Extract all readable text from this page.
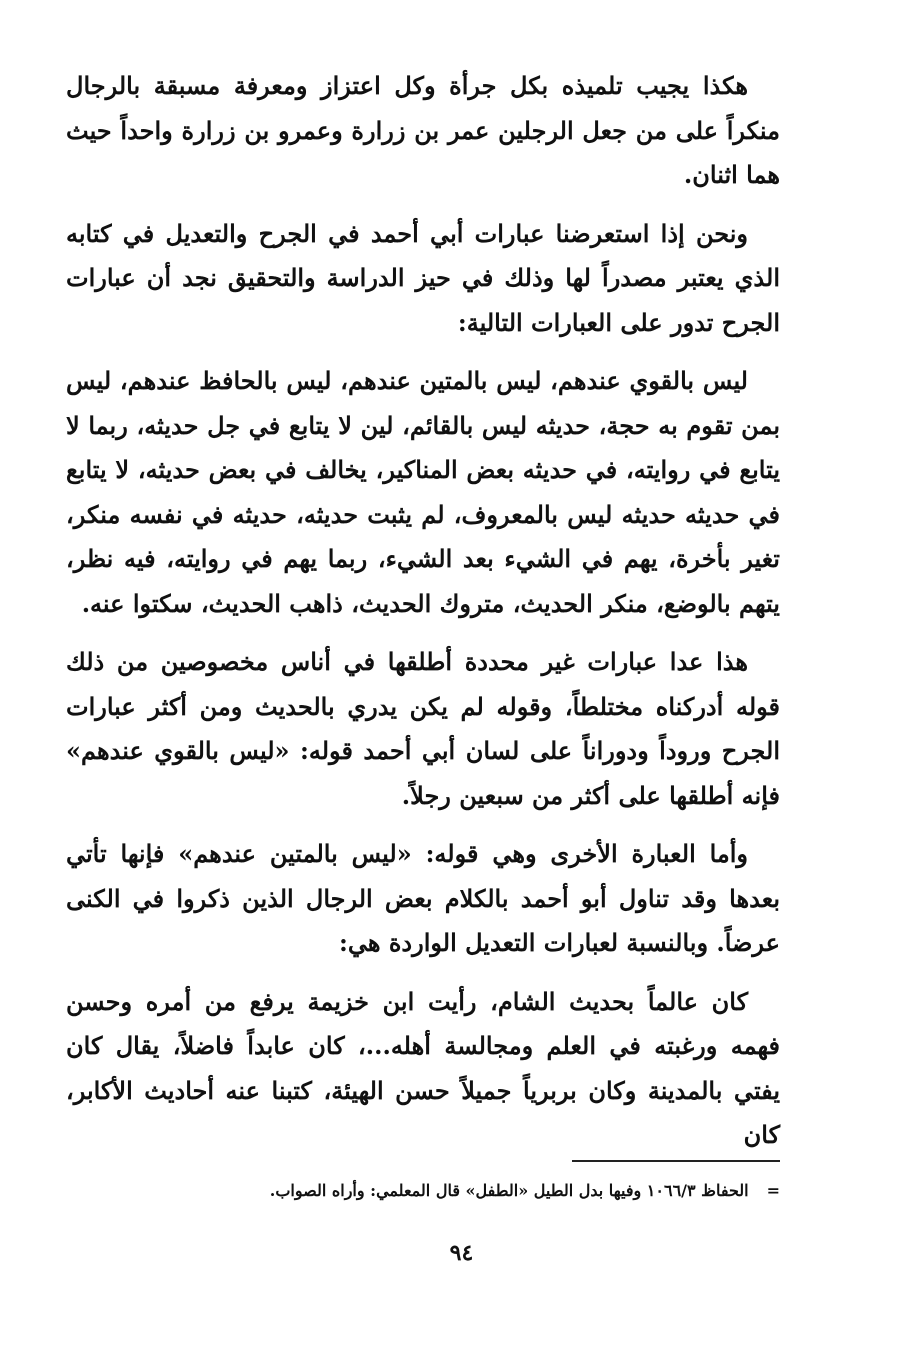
هكذا يجيب تلميذه بكل جرأة وكل اعتزاز ومعرفة مسبقة بالرجال منكراً على من جعل الرجلين عمر بن زرارة وعمرو بن زرارة واحداً حيث هما اثنان.

ونحن إذا استعرضنا عبارات أبي أحمد في الجرح والتعديل في كتابه الذي يعتبر مصدراً لها وذلك في حيز الدراسة والتحقيق نجد أن عبارات الجرح تدور على العبارات التالية:

ليس بالقوي عندهم، ليس بالمتين عندهم، ليس بالحافظ عندهم، ليس بمن تقوم به حجة، حديثه ليس بالقائم، لين لا يتابع في جل حديثه، ربما لا يتابع في روايته، في حديثه بعض المناكير، يخالف في بعض حديثه، لا يتابع في حديثه حديثه ليس بالمعروف، لم يثبت حديثه، حديثه في نفسه منكر، تغير بأخرة، يهم في الشيء بعد الشيء، ربما يهم في روايته، فيه نظر، يتهم بالوضع، منكر الحديث، متروك الحديث، ذاهب الحديث، سكتوا عنه.

هذا عدا عبارات غير محددة أطلقها في أناس مخصوصين من ذلك قوله أدركناه مختلطاً، وقوله لم يكن يدري بالحديث ومن أكثر عبارات الجرح وروداً ودوراناً على لسان أبي أحمد قوله: «ليس بالقوي عندهم» فإنه أطلقها على أكثر من سبعين رجلاً.

وأما العبارة الأخرى وهي قوله: «ليس بالمتين عندهم» فإنها تأتي بعدها وقد تناول أبو أحمد بالكلام بعض الرجال الذين ذكروا في الكنى عرضاً. وبالنسبة لعبارات التعديل الواردة هي:

كان عالماً بحديث الشام، رأيت ابن خزيمة يرفع من أمره وحسن فهمه ورغبته في العلم ومجالسة أهله...، كان عابداً فاضلاً، يقال كان يفتي بالمدينة وكان بربرياً جميلاً حسن الهيئة، كتبنا عنه أحاديث الأكابر، كان

=الحفاظ ١٠٦٦/٣ وفيها بدل الطيل «الطفل» قال المعلمي: وأراه الصواب.
٩٤
